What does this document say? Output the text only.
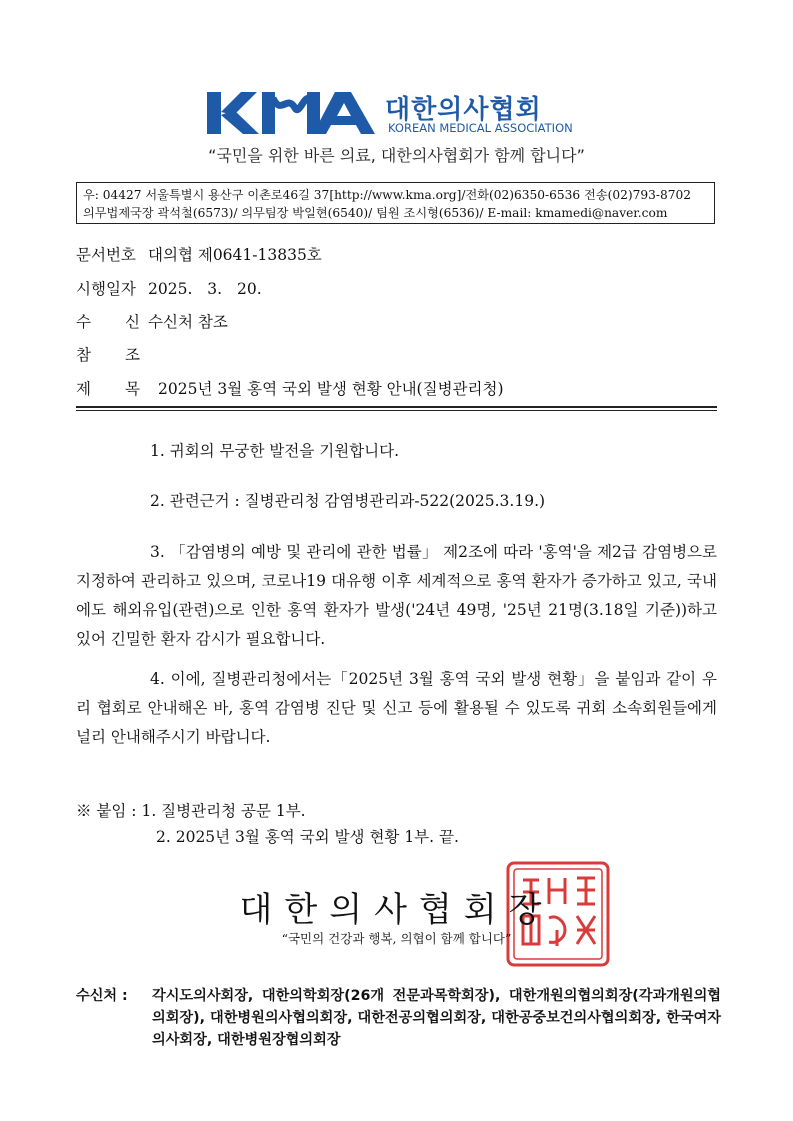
대한의사협회
KOREAN MEDICAL ASSOCIATION
“국민을 위한 바른 의료, 대한의사협회가 함께 합니다”
우: 04427 서울특별시 용산구 이촌로46길 37[http://www.kma.org]/전화(02)6350-6536 전송(02)793-8702
의무법제국장 곽석철(6573)/ 의무팀장 박일현(6540)/ 팀원 조시형(6536)/ E-mail: kmamedi@naver.com
문서번호 대의협 제0641-13835호
시행일자 2025. 3. 20.
수 신 수신처 참조
참 조
제 목 2025년 3월 홍역 국외 발생 현황 안내(질병관리청)

1. 귀회의 무궁한 발전을 기원합니다.

2. 관련근거 : 질병관리청 감염병관리과-522(2025.3.19.)

3. 「감염병의 예방 및 관리에 관한 법률」 제2조에 따라 '홍역'을 제2급 감염병으로 지정하여 관리하고 있으며, 코로나19 대유행 이후 세계적으로 홍역 환자가 증가하고 있고, 국내에도 해외유입(관련)으로 인한 홍역 환자가 발생('24년 49명, '25년 21명(3.18일 기준))하고 있어 긴밀한 환자 감시가 필요합니다.

4. 이에, 질병관리청에서는「2025년 3월 홍역 국외 발생 현황」을 붙임과 같이 우리 협회로 안내해온 바, 홍역 감염병 진단 및 신고 등에 활용될 수 있도록 귀회 소속회원들에게 널리 안내해주시기 바랍니다.

※ 붙임 : 1. 질병관리청 공문 1부.
2. 2025년 3월 홍역 국외 발생 현황 1부. 끝.
대한의사협회장
“국민의 건강과 행복, 의협이 함께 합니다”
수신처 : 각시도의사회장, 대한의학회장(26개 전문과목학회장), 대한개원의협의회장(각과개원의협의회장), 대한병원의사협의회장, 대한전공의협의회장, 대한공중보건의사협의회장, 한국여자의사회장, 대한병원장협의회장
